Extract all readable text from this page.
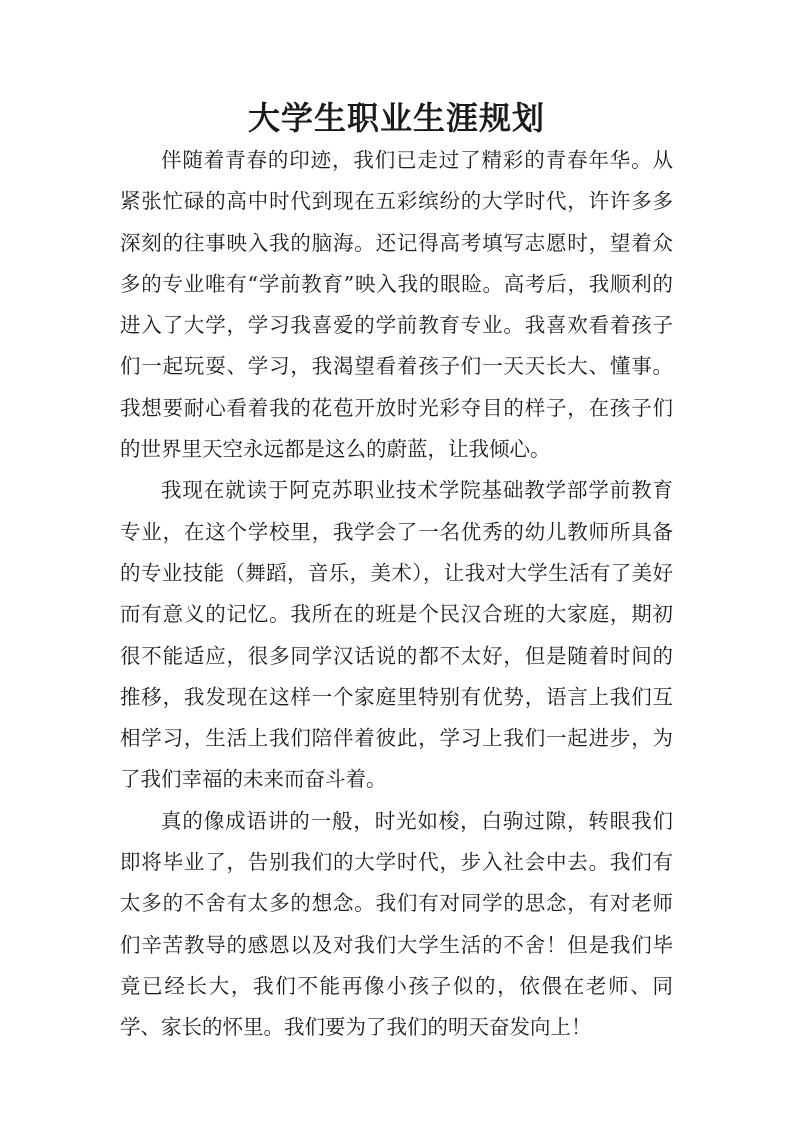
大学生职业生涯规划

伴随着青春的印迹，我们已走过了精彩的青春年华。从紧张忙碌的高中时代到现在五彩缤纷的大学时代，许许多多深刻的往事映入我的脑海。还记得高考填写志愿时，望着众多的专业唯有“学前教育”映入我的眼睑。高考后，我顺利的进入了大学，学习我喜爱的学前教育专业。我喜欢看着孩子们一起玩耍、学习，我渴望看着孩子们一天天长大、懂事。我想要耐心看着我的花苞开放时光彩夺目的样子，在孩子们的世界里天空永远都是这么的蔚蓝，让我倾心。

我现在就读于阿克苏职业技术学院基础教学部学前教育专业，在这个学校里，我学会了一名优秀的幼儿教师所具备的专业技能（舞蹈，音乐，美术），让我对大学生活有了美好而有意义的记忆。我所在的班是个民汉合班的大家庭，期初很不能适应，很多同学汉话说的都不太好，但是随着时间的推移，我发现在这样一个家庭里特别有优势，语言上我们互相学习，生活上我们陪伴着彼此，学习上我们一起进步，为了我们幸福的未来而奋斗着。

真的像成语讲的一般，时光如梭，白驹过隙，转眼我们即将毕业了，告别我们的大学时代，步入社会中去。我们有太多的不舍有太多的想念。我们有对同学的思念，有对老师们辛苦教导的感恩以及对我们大学生活的不舍！但是我们毕竟已经长大，我们不能再像小孩子似的，依偎在老师、同学、家长的怀里。我们要为了我们的明天奋发向上！
